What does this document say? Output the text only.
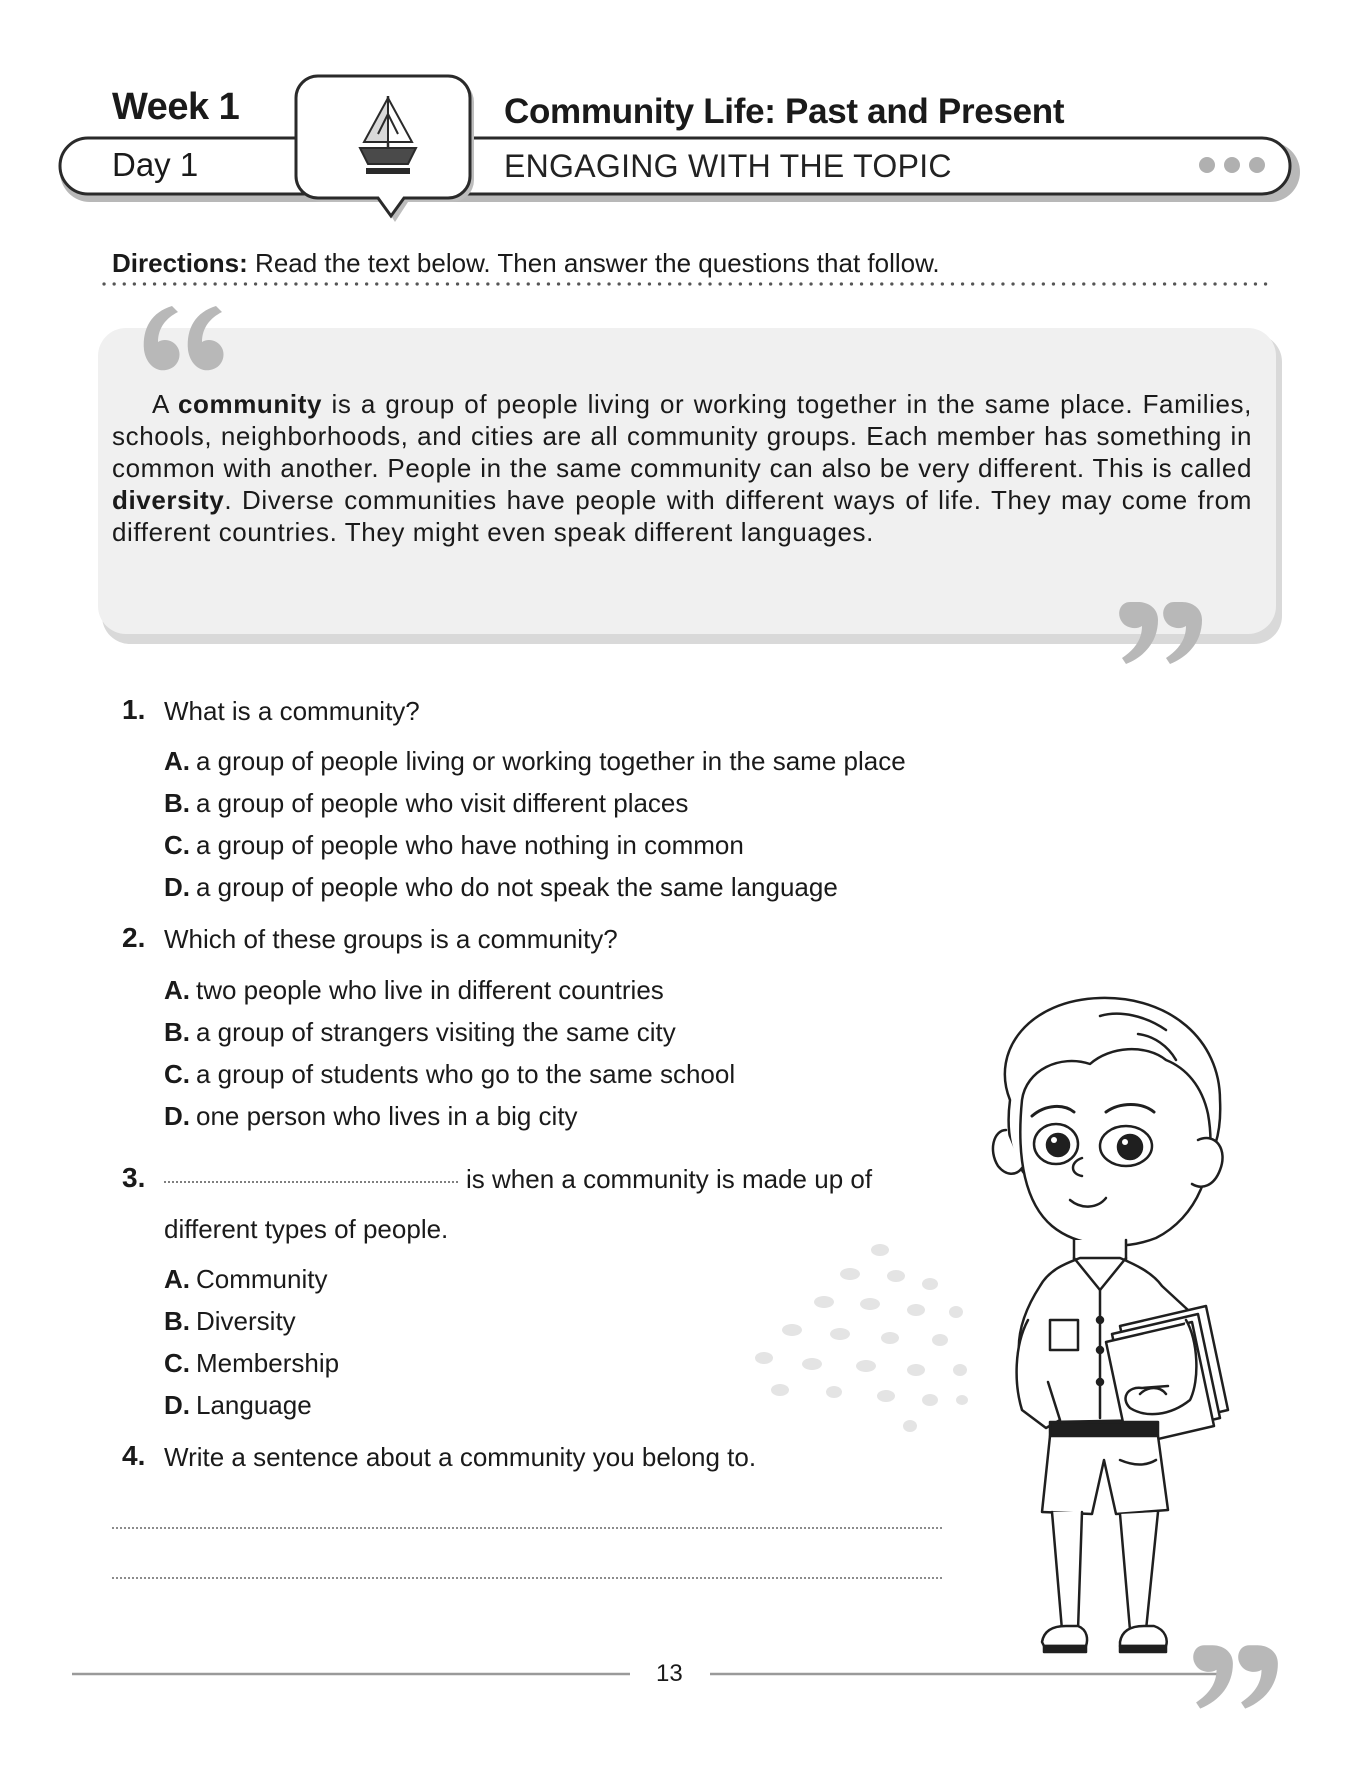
Week 1	Community Life: Past and Present
Day 1	ENGAGING WITH THE TOPIC
Directions: Read the text below. Then answer the questions that follow.
A community is a group of people living or working together in the same place. Families, schools, neighborhoods, and cities are all community groups. Each member has something in common with another. People in the same community can also be very different. This is called diversity. Diverse communities have people with different ways of life. They may come from different countries. They might even speak different languages.
1. What is a community?
A. a group of people living or working together in the same place
B. a group of people who visit different places
C. a group of people who have nothing in common
D. a group of people who do not speak the same language
2. Which of these groups is a community?
A. two people who live in different countries
B. a group of strangers visiting the same city
C. a group of students who go to the same school
D. one person who lives in a big city
3.	is when a community is made up of
different types of people.
A. Community
B. Diversity
C. Membership
D. Language
4. Write a sentence about a community you belong to.
13
